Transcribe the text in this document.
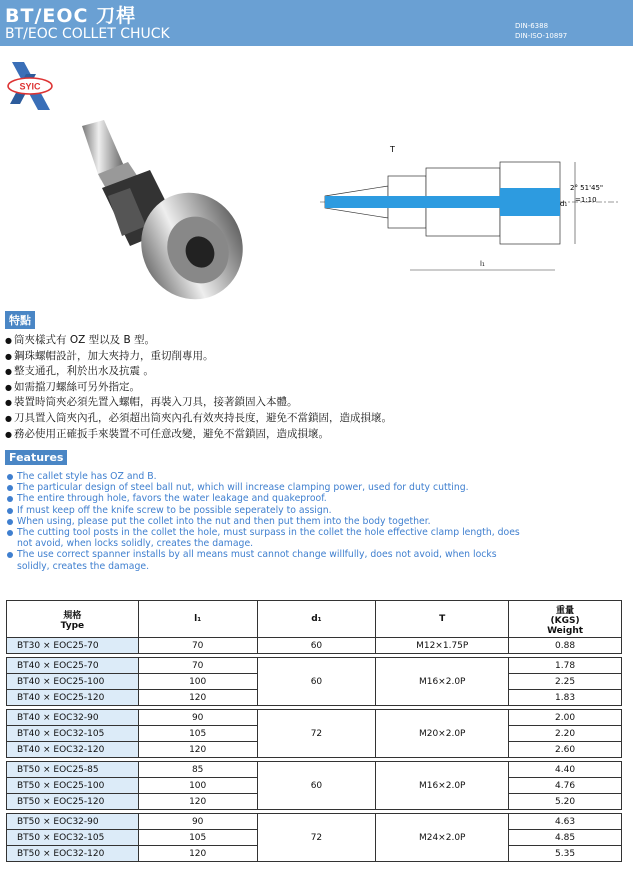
BT/EOC 刀桿
BT/EOC COLLET CHUCK	DIN-6388
DIN-ISO-10897
SYIC
T
2° 51'45"
=1:10
d₁
l₁
特點
● 筒夾樣式有 OZ 型以及 B 型。
● 鋼珠螺帽設計，加大夾持力，重切削專用。
● 整支通孔，利於出水及抗震 。
● 如需擋刀螺絲可另外指定。
● 裝置時筒夾必須先置入螺帽，再裝入刀具，接著鎖固入本體。
● 刀具置入筒夾內孔，必須超出筒夾內孔有效夾持長度，避免不當鎖固，造成損壞。
● 務必使用正確扳手來裝置不可任意改變，避免不當鎖固，造成損壞。
Features
The callet style has OZ and B.
The particular design of steel ball nut, which will increase clamping power, used for duty cutting.
The entire through hole, favors the water leakage and quakeproof.
If must keep off the knife screw to be possible seperately to assign.
When using, please put the collet into the nut and then put them into the body together.
The cutting tool posts in the collet the hole, must surpass in the collet the hole effective clamp length, does not avoid, when locks solidly, creates the damage.
The use correct spanner installs by all means must cannot change willfully, does not avoid, when locks solidly, creates the damage.
規格
Type	l₁	d₁	T	重量
(KGS)
Weight
BT30 × EOC25-70	70	60	M12×1.75P	0.88

BT40 × EOC25-70	70	60	M16×2.0P	1.78
BT40 × EOC25-100	100			2.25
BT40 × EOC25-120	120			1.83

BT40 × EOC32-90	90	72	M20×2.0P	2.00
BT40 × EOC32-105	105			2.20
BT40 × EOC32-120	120			2.60

BT50 × EOC25-85	85	60	M16×2.0P	4.40
BT50 × EOC25-100	100			4.76
BT50 × EOC25-120	120			5.20

BT50 × EOC32-90	90	72	M24×2.0P	4.63
BT50 × EOC32-105	105			4.85
BT50 × EOC32-120	120			5.35
